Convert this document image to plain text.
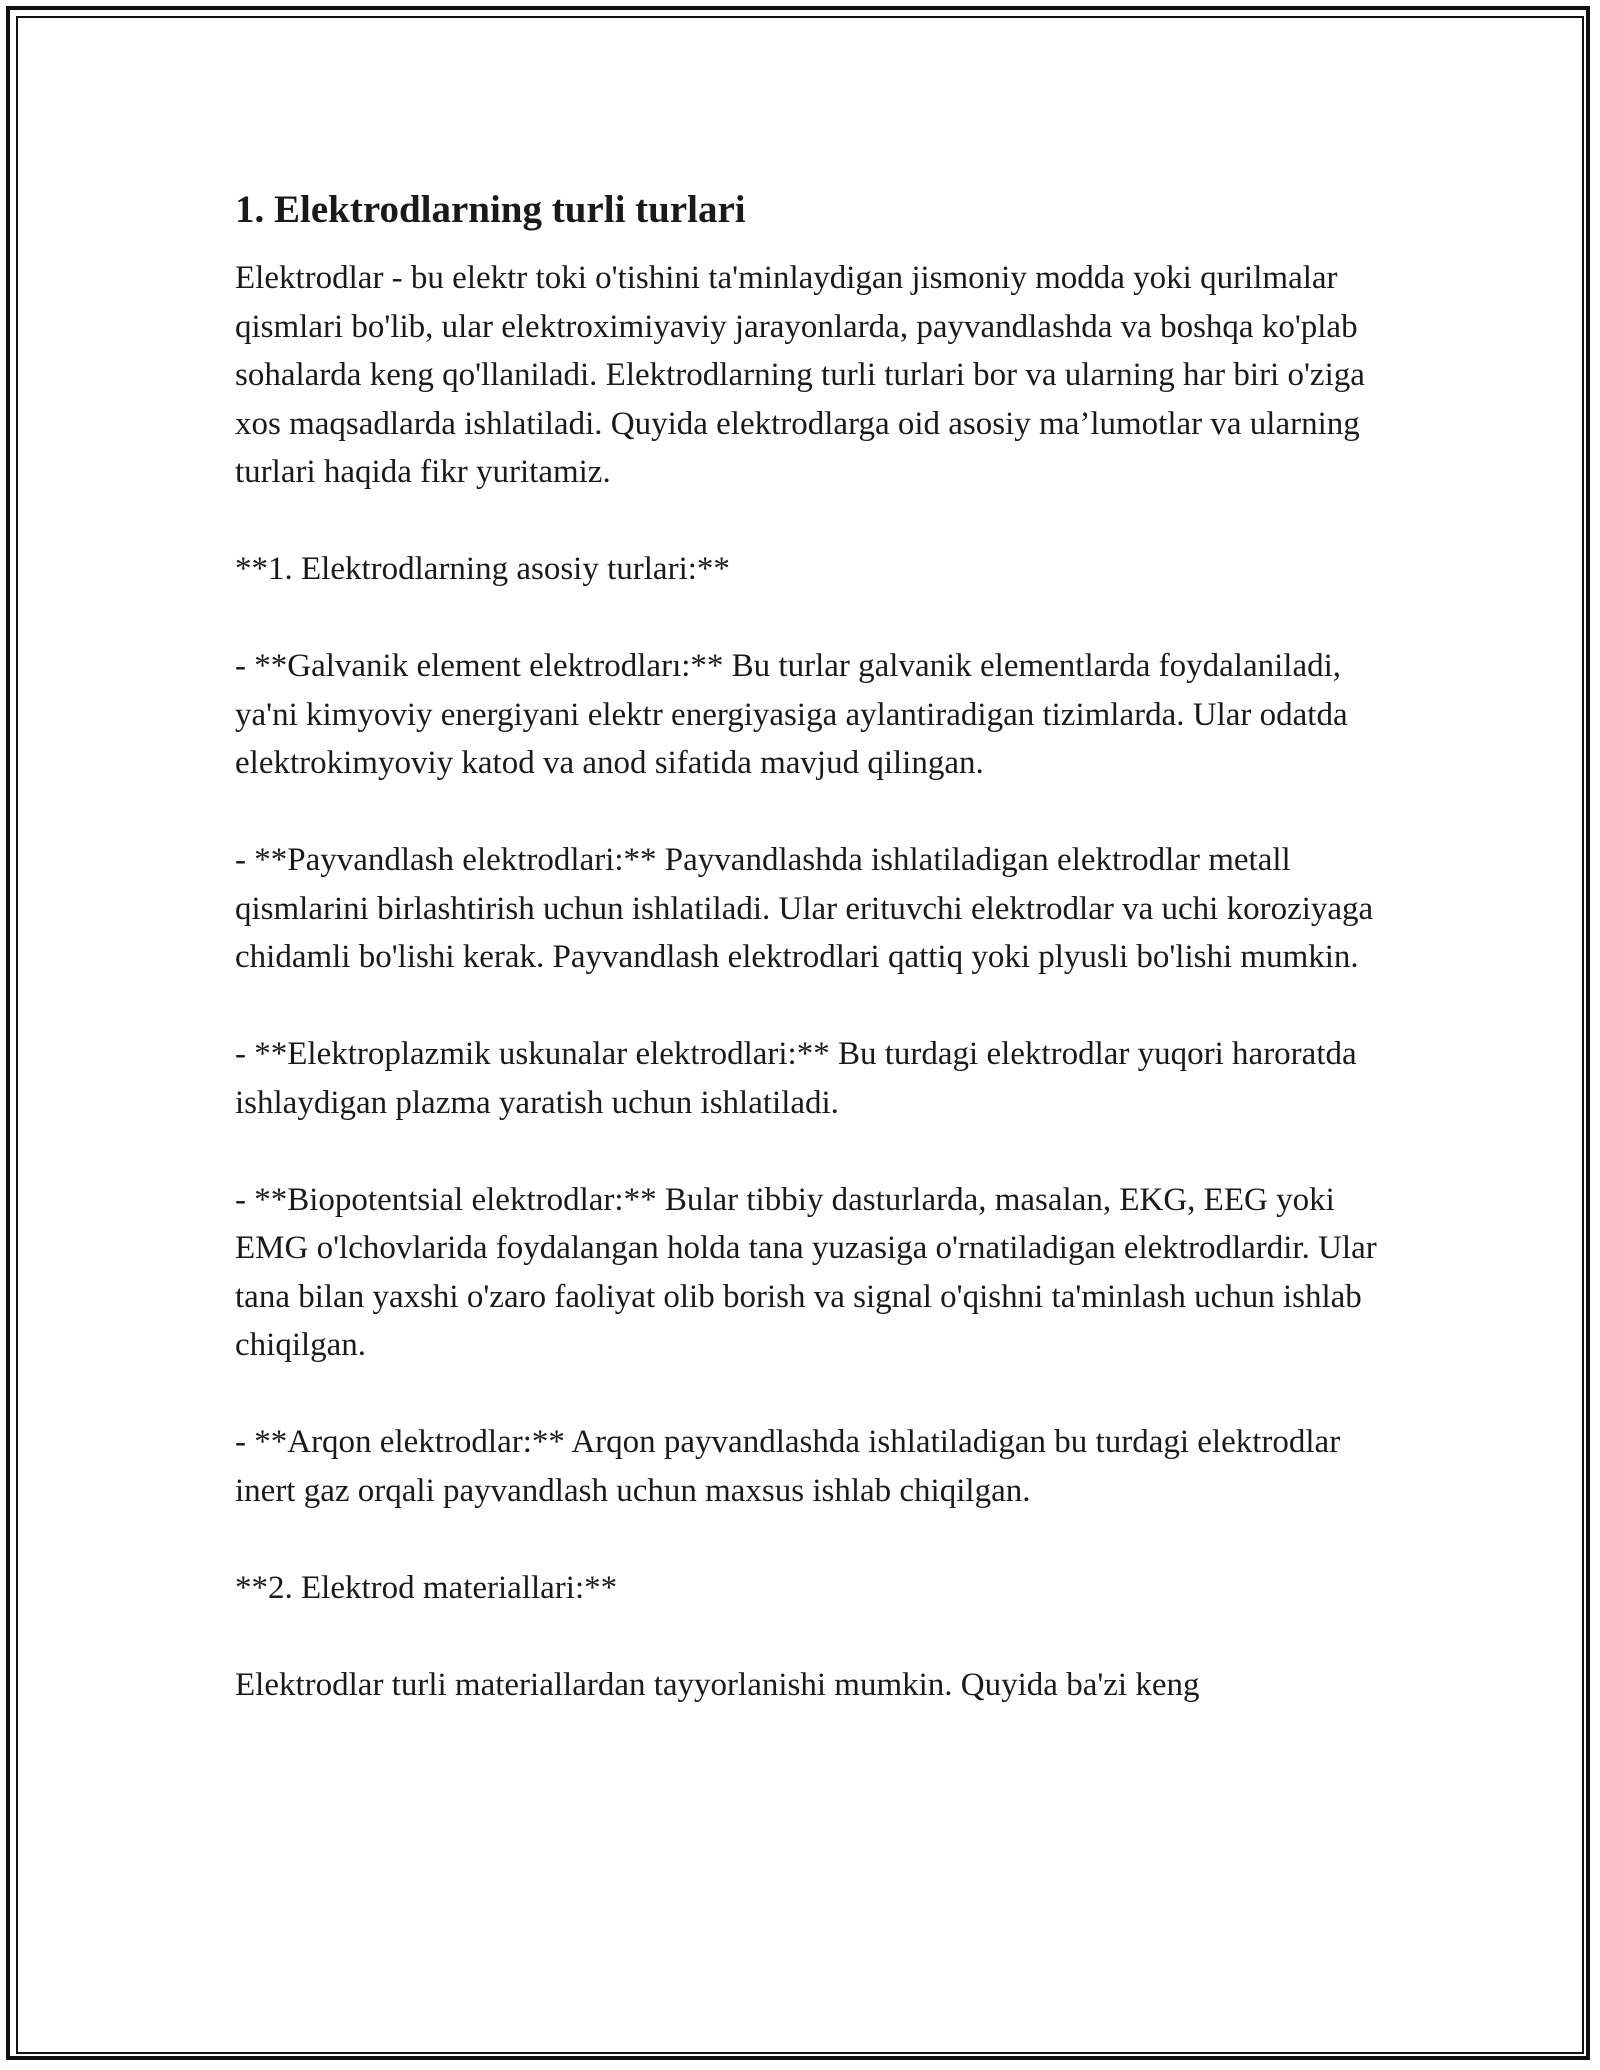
1. Elektrodlarning turli turlari

Elektrodlar - bu elektr toki o'tishini ta'minlaydigan jismoniy modda yoki qurilmalar qismlari bo'lib, ular elektroximiyaviy jarayonlarda, payvandlashda va boshqa ko'plab sohalarda keng qo'llaniladi. Elektrodlarning turli turlari bor va ularning har biri o'ziga xos maqsadlarda ishlatiladi. Quyida elektrodlarga oid asosiy ma’lumotlar va ularning turlari haqida fikr yuritamiz.

**1. Elektrodlarning asosiy turlari:**

- **Galvanik element elektrodları:** Bu turlar galvanik elementlarda foydalaniladi, ya'ni kimyoviy energiyani elektr energiyasiga aylantiradigan tizimlarda. Ular odatda elektrokimyoviy katod va anod sifatida mavjud qilingan.

- **Payvandlash elektrodlari:** Payvandlashda ishlatiladigan elektrodlar metall qismlarini birlashtirish uchun ishlatiladi. Ular erituvchi elektrodlar va uchi koroziyaga chidamli bo'lishi kerak. Payvandlash elektrodlari qattiq yoki plyusli bo'lishi mumkin.

- **Elektroplazmik uskunalar elektrodlari:** Bu turdagi elektrodlar yuqori haroratda ishlaydigan plazma yaratish uchun ishlatiladi.

- **Biopotentsial elektrodlar:** Bular tibbiy dasturlarda, masalan, EKG, EEG yoki EMG o'lchovlarida foydalangan holda tana yuzasiga o'rnatiladigan elektrodlardir. Ular tana bilan yaxshi o'zaro faoliyat olib borish va signal o'qishni ta'minlash uchun ishlab chiqilgan.

- **Arqon elektrodlar:** Arqon payvandlashda ishlatiladigan bu turdagi elektrodlar inert gaz orqali payvandlash uchun maxsus ishlab chiqilgan.

**2. Elektrod materiallari:**

Elektrodlar turli materiallardan tayyorlanishi mumkin. Quyida ba'zi keng
